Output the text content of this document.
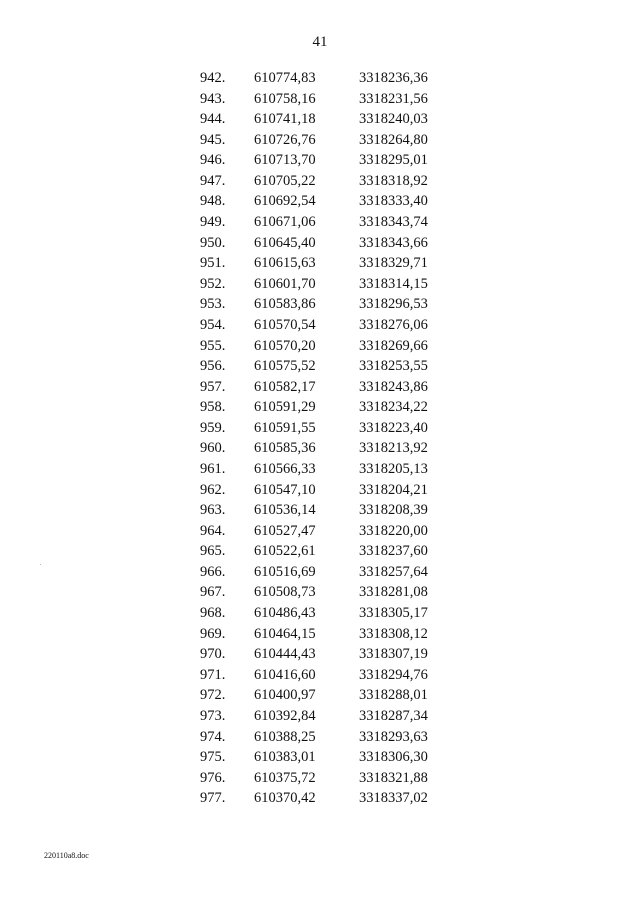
41
942. 610774,83	3318236,36
943. 610758,16	3318231,56
944. 610741,18	3318240,03
945. 610726,76	3318264,80
946. 610713,70	3318295,01
947. 610705,22	3318318,92
948. 610692,54	3318333,40
949. 610671,06	3318343,74
950. 610645,40	3318343,66
951. 610615,63	3318329,71
952. 610601,70	3318314,15
953. 610583,86	3318296,53
954. 610570,54	3318276,06
955. 610570,20	3318269,66
956. 610575,52	3318253,55
957. 610582,17	3318243,86
958. 610591,29	3318234,22
959. 610591,55	3318223,40
960. 610585,36	3318213,92
961. 610566,33	3318205,13
962. 610547,10	3318204,21
963. 610536,14	3318208,39
964. 610527,47	3318220,00
965. 610522,61	3318237,60
966. 610516,69	3318257,64
967. 610508,73	3318281,08
968. 610486,43	3318305,17
969. 610464,15	3318308,12
970. 610444,43	3318307,19
971. 610416,60	3318294,76
972. 610400,97	3318288,01
973. 610392,84	3318287,34
974. 610388,25	3318293,63
975. 610383,01	3318306,30
976. 610375,72	3318321,88
977. 610370,42	3318337,02
220110a8.doc
